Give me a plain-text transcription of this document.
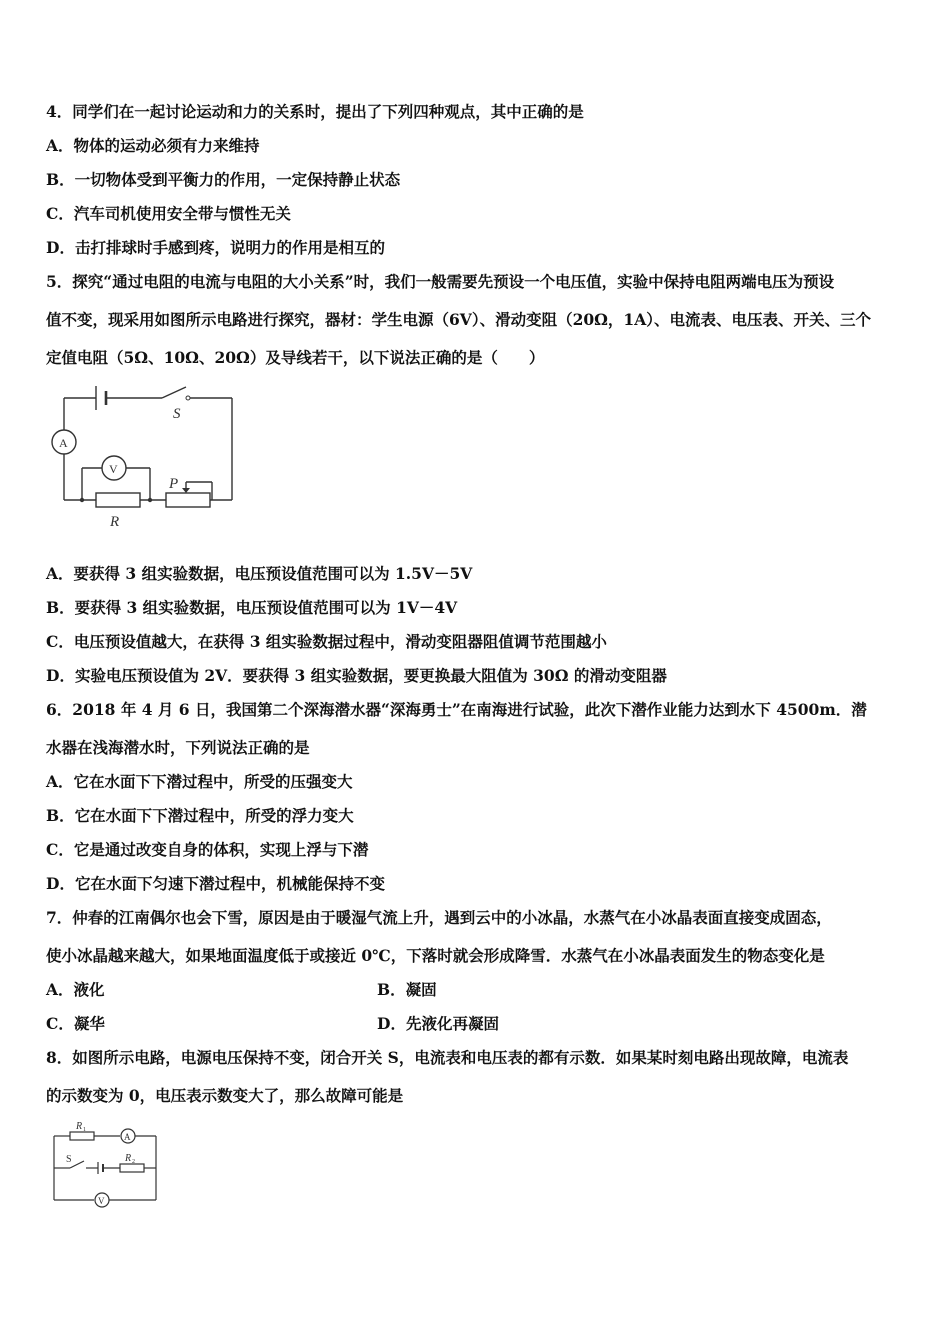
4．同学们在一起讨论运动和力的关系时，提出了下列四种观点，其中正确的是
A．物体的运动必须有力来维持
B．一切物体受到平衡力的作用，一定保持静止状态
C．汽车司机使用安全带与惯性无关
D．击打排球时手感到疼，说明力的作用是相互的
5．探究“通过电阻的电流与电阻的大小关系”时，我们一般需要先预设一个电压值，实验中保持电阻两端电压为预设
值不变，现采用如图所示电路进行探究，器材：学生电源（6V）、滑动变阻（20Ω，1A）、电流表、电压表、开关、三个
定值电阻（5Ω、10Ω、20Ω）及导线若干，以下说法正确的是（　　）
S
A
V
P
R
A．要获得 3 组实验数据，电压预设值范围可以为 1.5V－5V
B．要获得 3 组实验数据，电压预设值范围可以为 1V－4V
C．电压预设值越大，在获得 3 组实验数据过程中，滑动变阻器阻值调节范围越小
D．实验电压预设值为 2V．要获得 3 组实验数据，要更换最大阻值为 30Ω 的滑动变阻器
6．2018 年 4 月 6 日，我国第二个深海潜水器“深海勇士”在南海进行试验，此次下潜作业能力达到水下 4500m．潜
水器在浅海潜水时，下列说法正确的是
A．它在水面下下潜过程中，所受的压强变大
B．它在水面下下潜过程中，所受的浮力变大
C．它是通过改变自身的体积，实现上浮与下潜
D．它在水面下匀速下潜过程中，机械能保持不变
7．仲春的江南偶尔也会下雪，原因是由于暖湿气流上升，遇到云中的小冰晶，水蒸气在小冰晶表面直接变成固态，
使小冰晶越来越大，如果地面温度低于或接近 0℃，下落时就会形成降雪．水蒸气在小冰晶表面发生的物态变化是
A．液化	B．凝固
C．凝华	D．先液化再凝固
8．如图所示电路，电源电压保持不变，闭合开关 S，电流表和电压表的都有示数．如果某时刻电路出现故障，电流表
的示数变为 0，电压表示数变大了，那么故障可能是
R 1
A
S	R 2
V
